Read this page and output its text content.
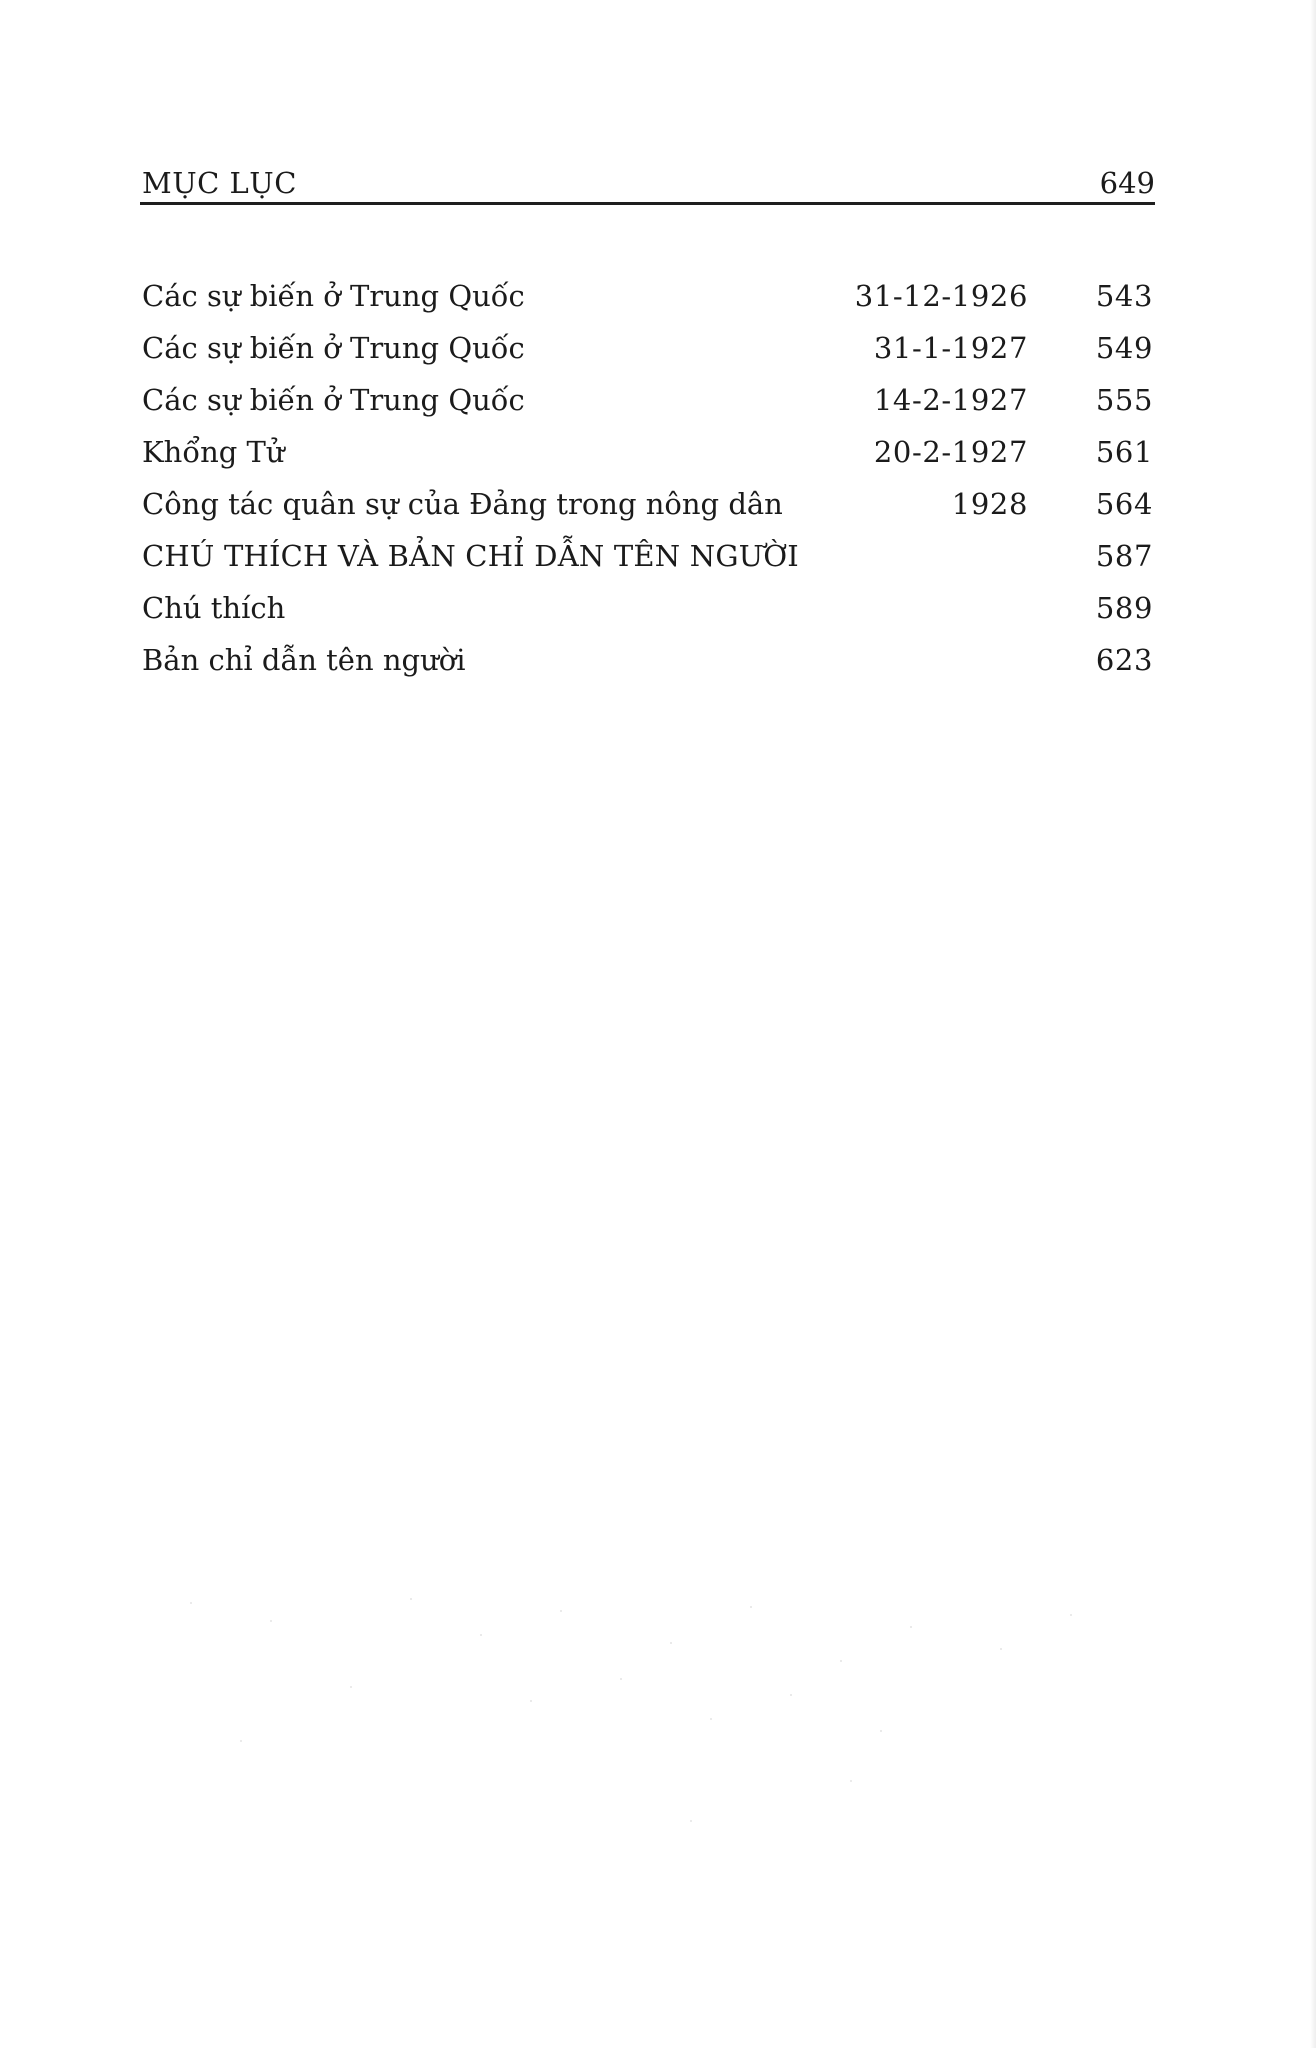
MỤC LỤC	649
Các sự biến ở Trung Quốc	31-12-1926 543
Các sự biến ở Trung Quốc	31-1-1927 549
Các sự biến ở Trung Quốc	14-2-1927 555
Khổng Tử	20-2-1927 561
Công tác quân sự của Đảng trong nông dân	1928 564
CHÚ THÍCH VÀ BẢN CHỈ DẪN TÊN NGƯỜI	587
Chú thích	589
Bản chỉ dẫn tên người	623
